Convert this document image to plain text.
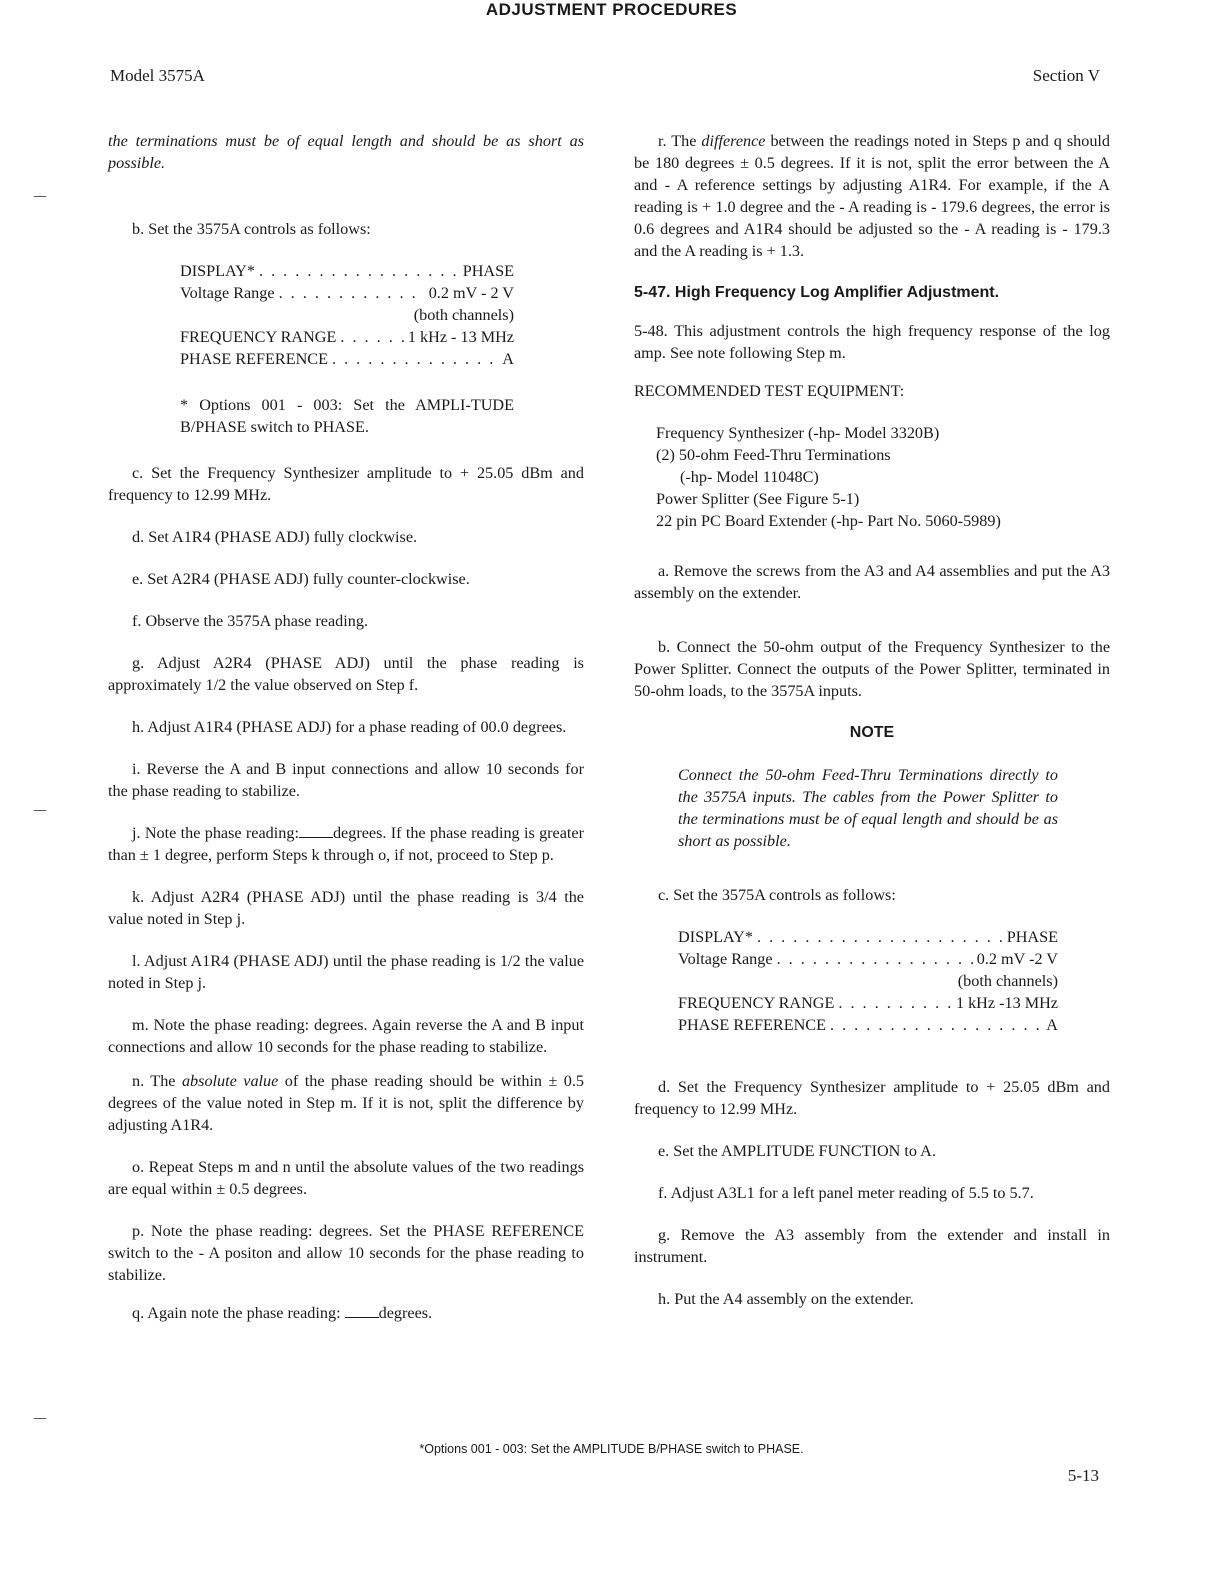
Model 3575A
ADJUSTMENT PROCEDURES
Section V

the terminations must be of equal length and should be as short as possible.

b. Set the 3575A controls as follows:

DISPLAY* . . .	PHASE
Voltage Range . . .	0.2 mV - 2 V
(both channels)
FREQUENCY RANGE . . .	1 kHz - 13 MHz
PHASE REFERENCE . . .	A

* Options 001 - 003: Set the AMPLI-TUDE B/PHASE switch to PHASE.

c. Set the Frequency Synthesizer amplitude to + 25.05 dBm and frequency to 12.99 MHz.

d. Set A1R4 (PHASE ADJ) fully clockwise.

e. Set A2R4 (PHASE ADJ) fully counter-clockwise.

f. Observe the 3575A phase reading.

g. Adjust A2R4 (PHASE ADJ) until the phase reading is approximately 1/2 the value observed on Step f.

h. Adjust A1R4 (PHASE ADJ) for a phase reading of 00.0 degrees.

i. Reverse the A and B input connections and allow 10 seconds for the phase reading to stabilize.

j. Note the phase reading: degrees. If the phase reading is greater than ± 1 degree, perform Steps k through o, if not, proceed to Step p.

k. Adjust A2R4 (PHASE ADJ) until the phase reading is 3/4 the value noted in Step j.

l. Adjust A1R4 (PHASE ADJ) until the phase reading is 1/2 the value noted in Step j.

m. Note the phase reading: degrees. Again reverse the A and B input connections and allow 10 seconds for the phase reading to stabilize.

n. The absolute value of the phase reading should be within ± 0.5 degrees of the value noted in Step m. If it is not, split the difference by adjusting A1R4.

o. Repeat Steps m and n until the absolute values of the two readings are equal within ± 0.5 degrees.

p. Note the phase reading: degrees. Set the PHASE REFERENCE switch to the - A positon and allow 10 seconds for the phase reading to stabilize.

q. Again note the phase reading: degrees.

r. The difference between the readings noted in Steps p and q should be 180 degrees ± 0.5 degrees. If it is not, split the error between the A and - A reference settings by adjusting A1R4. For example, if the A reading is + 1.0 degree and the - A reading is - 179.6 degrees, the error is 0.6 degrees and A1R4 should be adjusted so the - A reading is - 179.3 and the A reading is + 1.3.

5-47. High Frequency Log Amplifier Adjustment.

5-48. This adjustment controls the high frequency response of the log amp. See note following Step m.

RECOMMENDED TEST EQUIPMENT:
Frequency Synthesizer (-hp- Model 3320B)
(2) 50-ohm Feed-Thru Terminations
(-hp- Model 11048C)
Power Splitter (See Figure 5-1)
22 pin PC Board Extender (-hp- Part No. 5060-5989)

a. Remove the screws from the A3 and A4 assemblies and put the A3 assembly on the extender.

b. Connect the 50-ohm output of the Frequency Synthesizer to the Power Splitter. Connect the outputs of the Power Splitter, terminated in 50-ohm loads, to the 3575A inputs.

NOTE

Connect the 50-ohm Feed-Thru Terminations directly to the 3575A inputs. The cables from the Power Splitter to the terminations must be of equal length and should be as short as possible.

c. Set the 3575A controls as follows:

DISPLAY* . . .	PHASE
Voltage Range . . .	0.2 mV -2 V
(both channels)
FREQUENCY RANGE . . .	1 kHz -13 MHz
PHASE REFERENCE . . .	A

d. Set the Frequency Synthesizer amplitude to + 25.05 dBm and frequency to 12.99 MHz.

e. Set the AMPLITUDE FUNCTION to A.

f. Adjust A3L1 for a left panel meter reading of 5.5 to 5.7.

g. Remove the A3 assembly from the extender and install in instrument.

h. Put the A4 assembly on the extender.

*Options 001 - 003: Set the AMPLITUDE B/PHASE switch to PHASE.
5-13
